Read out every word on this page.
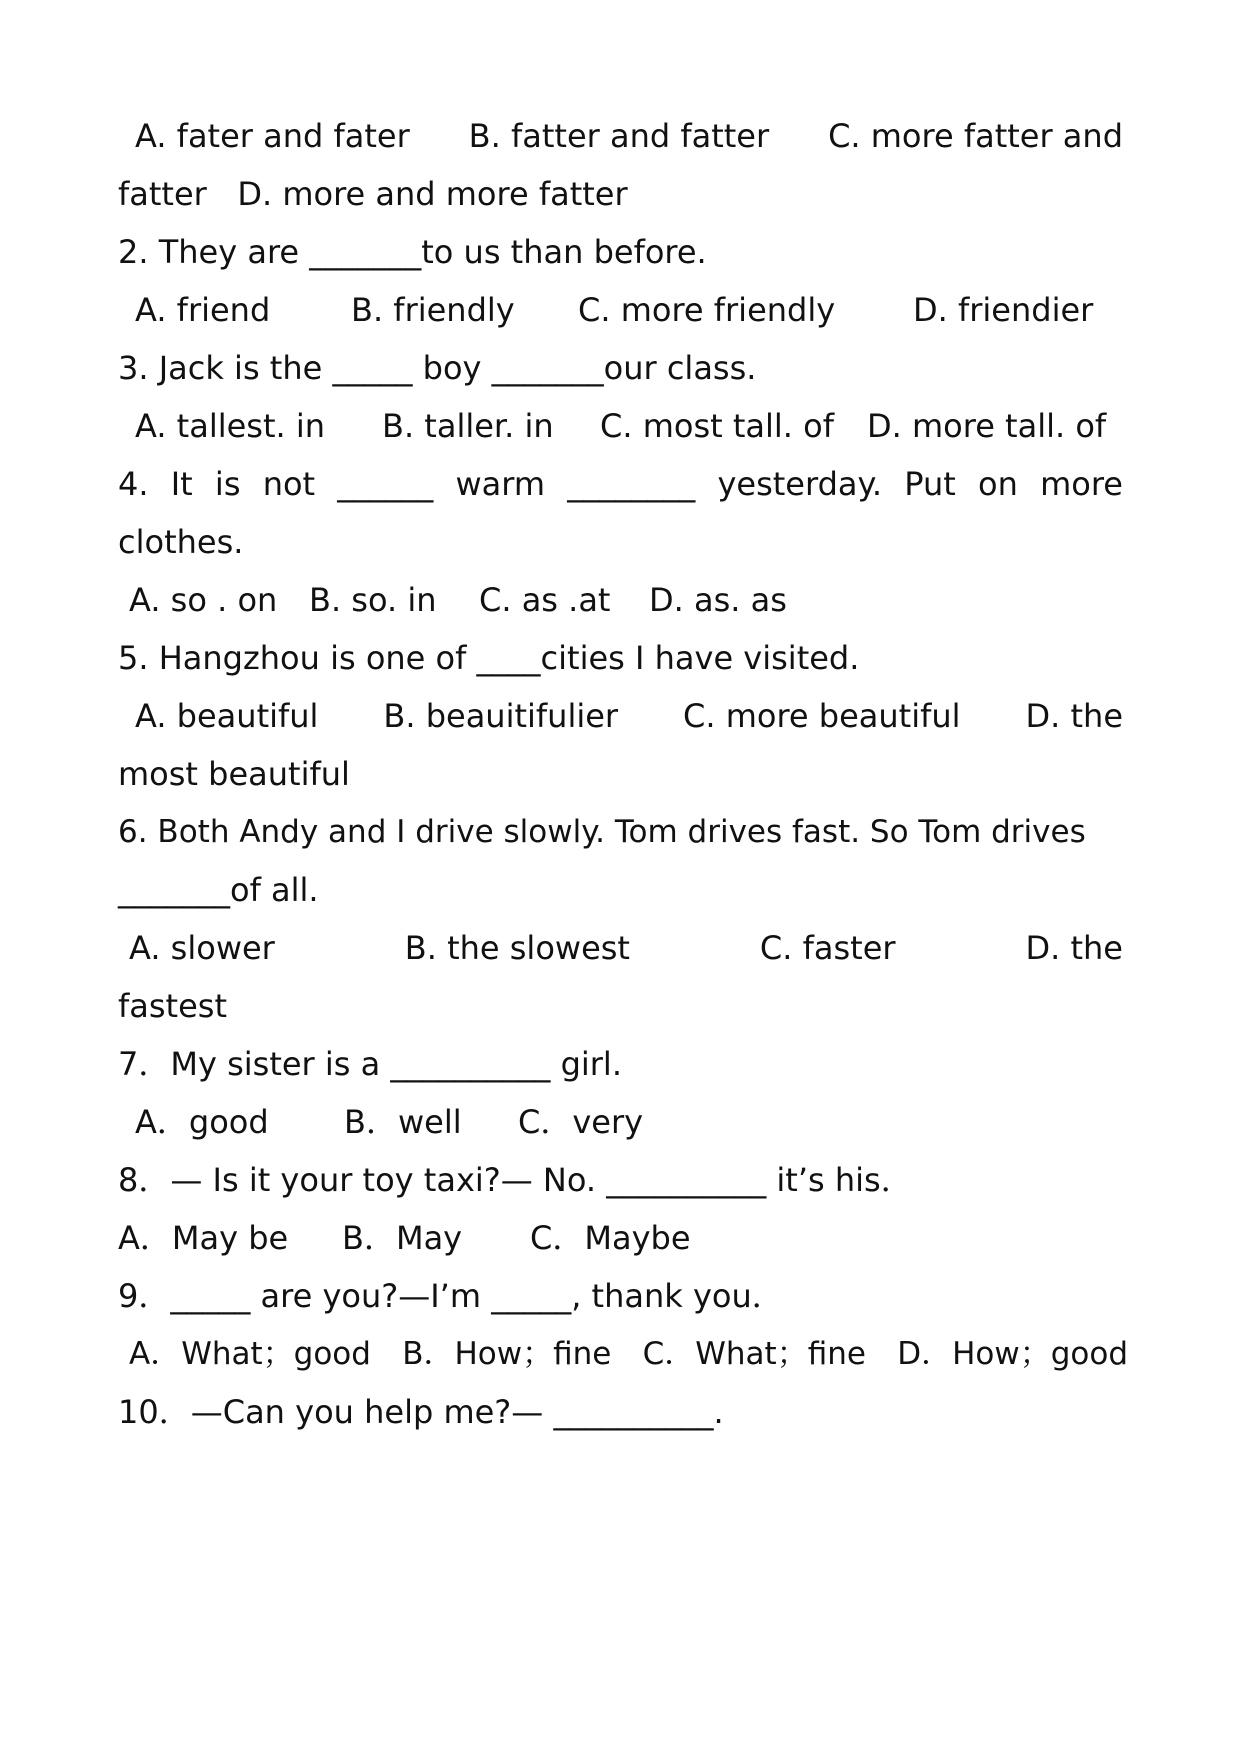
A. fater and fater B. fatter and fatter C. more fatter and
fatter   D. more and more fatter
2. They are _______to us than before.
A. friend	B. friendly C. more friendly D. friendier
3. Jack is the _____ boy _______our class.
A. tallest. in B. taller. in C. most tall. of D. more tall. of
4. It is not ______ warm ________ yesterday. Put on more
clothes.
A. so . on B. so. in C. as .at D. as. as
5. Hangzhou is one of ____cities I have visited.
A. beautiful B. beauitifulier C. more beautiful D. the
most beautiful
6. Both Andy and I drive slowly. Tom drives fast. So Tom drives
_______of all.
A. slower	B. the slowest	C. faster	D. the
fastest
7．My sister is a __________ girl.
A．good B．well C．very
8．— Is it your toy taxi?— No. __________ it’s his．
A．May be B．May C．Maybe
9．_____ are you?—I’m _____, thank you．
A．What；good B．How；fine C．What；fine D．How；good
10．—Can you help me?— __________.
